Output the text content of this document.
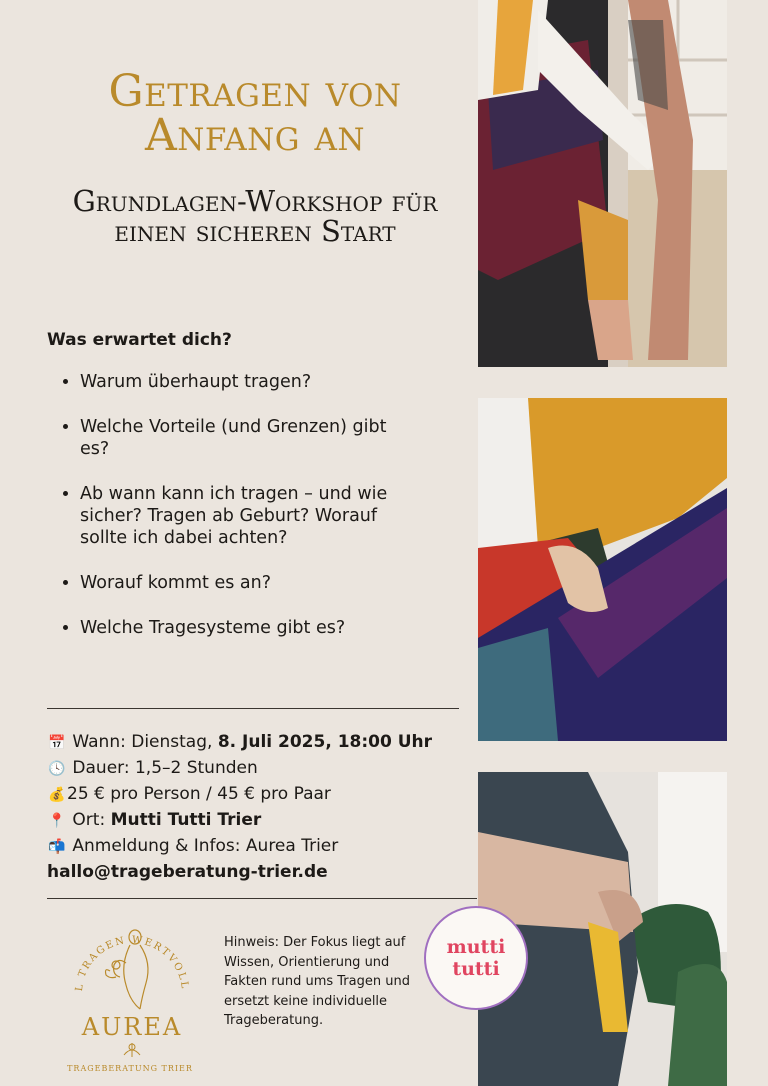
Getragen von Anfang an
Grundlagen-Workshop für einen sicheren Start
Was erwartet dich?
• Warum überhaupt tragen?
• Welche Vorteile (und Grenzen) gibt es?
• Ab wann kann ich tragen – und wie sicher? Tragen ab Geburt? Worauf sollte ich dabei achten?
• Worauf kommt es an?
• Welche Tragesysteme gibt es?
📅 Wann: Dienstag, 8. Juli 2025, 18:00 Uhr
🕓 Dauer: 1,5–2 Stunden
💰25 € pro Person / 45 € pro Paar
📍 Ort: Mutti Tutti Trier
📬 Anmeldung & Infos: Aurea Trier
hallo@trageberatung-trier.de
L TRAGEN WERTVOLL
AUREA
TRAGEBERATUNG TRIER
Hinweis: Der Fokus liegt auf Wissen, Orientierung und Fakten rund ums Tragen und ersetzt keine individuelle Trageberatung.
mutti
tutti
